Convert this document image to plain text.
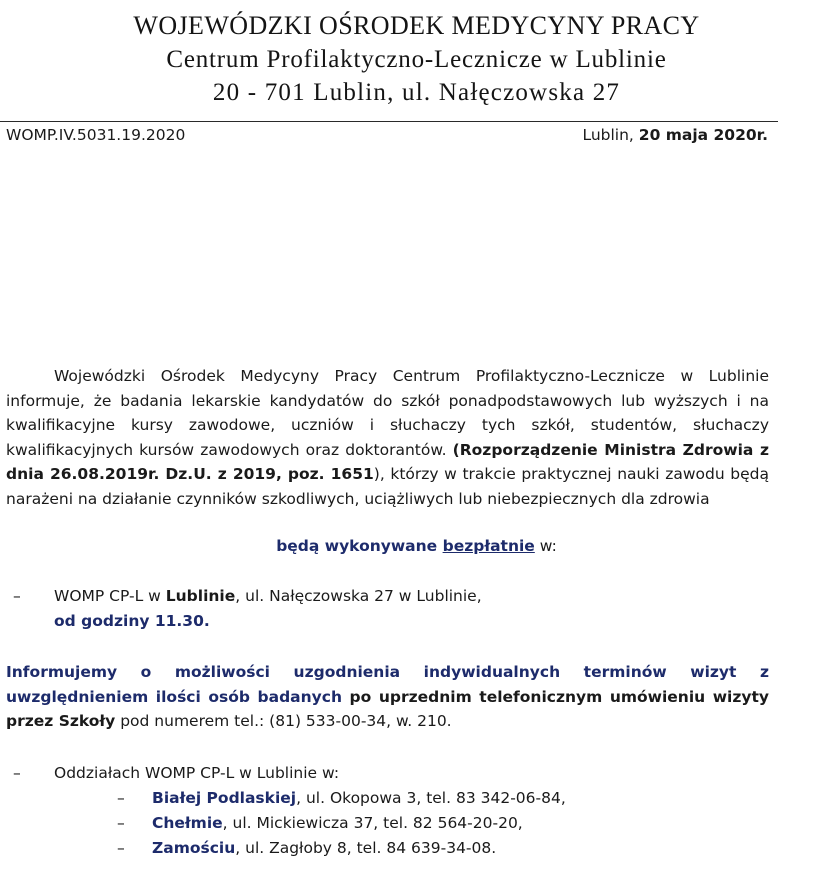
WOJEWÓDZKI OŚRODEK MEDYCYNY PRACY
Centrum Profilaktyczno-Lecznicze w Lublinie
20 - 701 Lublin, ul. Nałęczowska 27
WOMP.IV.5031.19.2020	Lublin, 20 maja 2020r.
Wojewódzki Ośrodek Medycyny Pracy Centrum Profilaktyczno-Lecznicze w Lublinie informuje, że badania lekarskie kandydatów do szkół ponadpodstawowych lub wyższych i na kwalifikacyjne kursy zawodowe, uczniów i słuchaczy tych szkół, studentów, słuchaczy kwalifikacyjnych kursów zawodowych oraz doktorantów. (Rozporządzenie Ministra Zdrowia z dnia 26.08.2019r. Dz.U. z 2019, poz. 1651), którzy w trakcie praktycznej nauki zawodu będą narażeni na działanie czynników szkodliwych, uciążliwych lub niebezpiecznych dla zdrowia
będą wykonywane bezpłatnie w:
– WOMP CP-L w Lublinie, ul. Nałęczowska 27 w Lublinie,
od godziny 11.30.
Informujemy o możliwości uzgodnienia indywidualnych terminów wizyt z uwzględnieniem ilości osób badanych po uprzednim telefonicznym umówieniu wizyty przez Szkoły pod numerem tel.: (81) 533-00-34, w. 210.
– Oddziałach WOMP CP-L w Lublinie w:
– Białej Podlaskiej, ul. Okopowa 3, tel. 83 342-06-84,
– Chełmie, ul. Mickiewicza 37, tel. 82 564-20-20,
– Zamościu, ul. Zagłoby 8, tel. 84 639-34-08.
